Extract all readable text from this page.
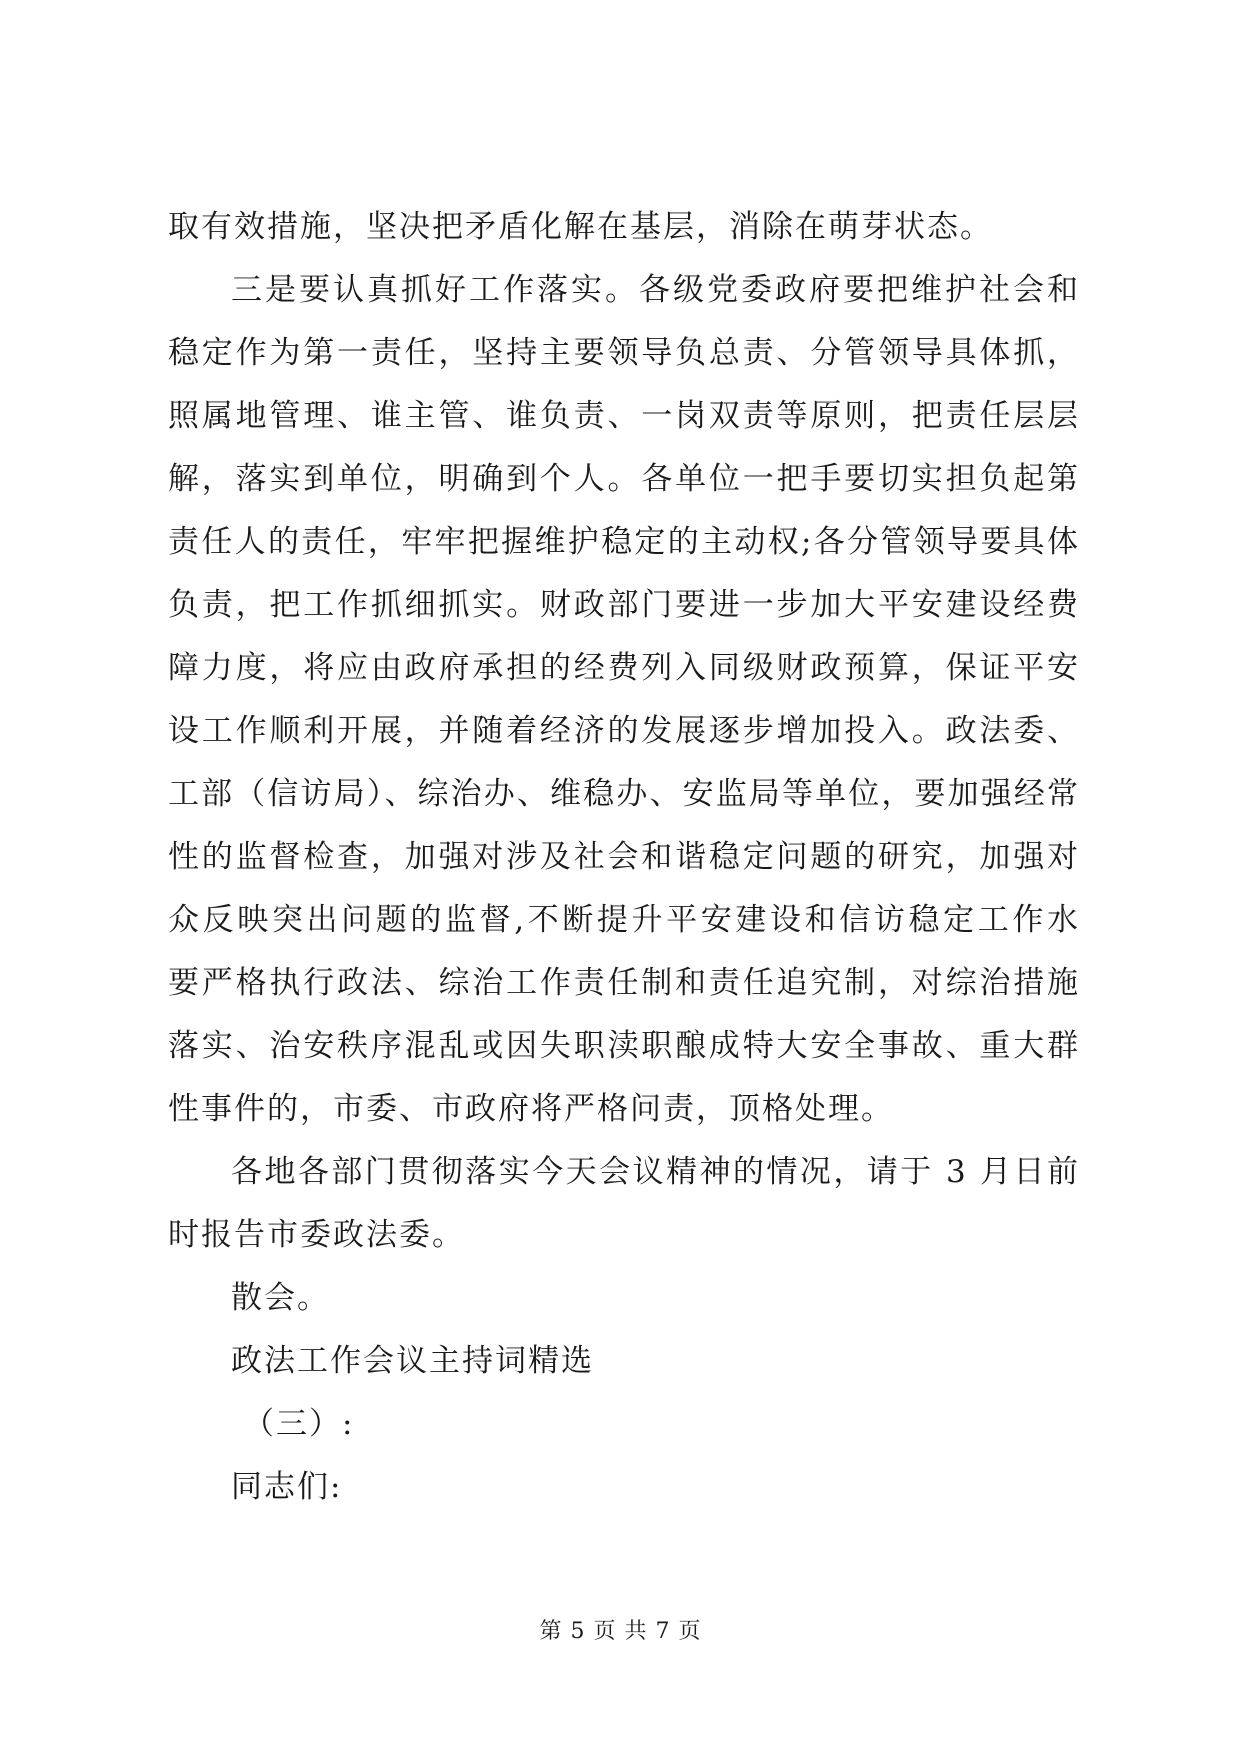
取有效措施，坚决把矛盾化解在基层，消除在萌芽状态。
三是要认真抓好工作落实。各级党委政府要把维护社会和
稳定作为第一责任，坚持主要领导负总责、分管领导具体抓，
照属地管理、谁主管、谁负责、一岗双责等原则，把责任层层
解，落实到单位，明确到个人。各单位一把手要切实担负起第
责任人的责任，牢牢把握维护稳定的主动权;各分管领导要具体
负责，把工作抓细抓实。财政部门要进一步加大平安建设经费
障力度，将应由政府承担的经费列入同级财政预算，保证平安
设工作顺利开展，并随着经济的发展逐步增加投入。政法委、
工部（信访局）、综治办、维稳办、安监局等单位，要加强经常
性的监督检查，加强对涉及社会和谐稳定问题的研究，加强对
众反映突出问题的监督,不断提升平安建设和信访稳定工作水
要严格执行政法、综治工作责任制和责任追究制，对综治措施
落实、治安秩序混乱或因失职渎职酿成特大安全事故、重大群
性事件的，市委、市政府将严格问责，顶格处理。
各地各部门贯彻落实今天会议精神的情况，请于 3 月日前
时报告市委政法委。
散会。
政法工作会议主持词精选
（三）:
同志们:
第 5 页 共 7 页
